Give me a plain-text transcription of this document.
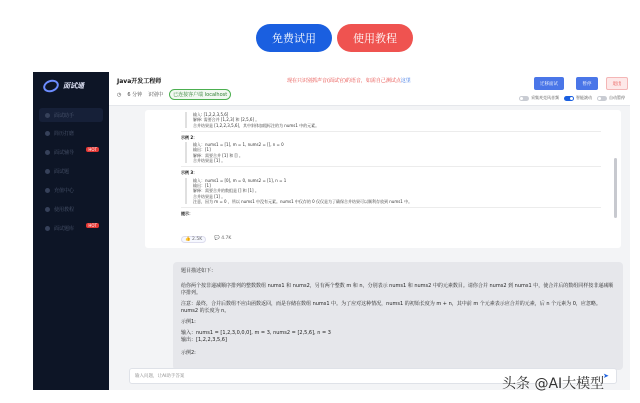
免费试用	使用教程
面试通
面试助手
简历打磨
面试辅导	HOT
面试题
充值中心
使用教程
面试题库	HOT
Java开发工程师
◷ 6 分钟 识别中	已连接客户端 localhost
现在只识别抓声音(面试官)的语音，如需自己测试点这里	迁移面试	暂停	退出
采集麦克风音频	智能滚动	自动暂停
输入: [1,2,2,3,5,6]
解释: 需要合并 [1,2,3] 和 [2,5,6] 。
合并结果是 [1,2,2,3,5,6]，其中斜体加粗标注的为 nums1 中的元素。
示例 2：
输入：nums1 = [1], m = 1, nums2 = [], n = 0
输出：[1]
解释：需要合并 [1] 和 [] 。
合并结果是 [1] 。
示例 3：
输入：nums1 = [0], m = 0, nums2 = [1], n = 1
输出：[1]
解释：需要合并的数组是 [] 和 [1] 。
合并结果是 [1] 。
注意，因为 m = 0 ，所以 nums1 中没有元素。nums1 中仅存的 0 仅仅是为了确保合并结果可以顺利存放到 nums1 中。
提示：
👍 2.5K	💬 4.7K

题目描述如下：

给你两个按非递减顺序排列的整数数组 nums1 和 nums2，另有两个整数 m 和 n，分别表示 nums1 和 nums2 中的元素数目。请你合并 nums2 到 nums1 中，使合并后的数组同样按非递减顺序排列。

注意：最终，合并后数组不应由函数返回，而是存储在数组 nums1 中。为了应对这种情况，nums1 的初始长度为 m + n，其中前 m 个元素表示应合并的元素，后 n 个元素为 0，应忽略。nums2 的长度为 n。

示例1:

输入：nums1 = [1,2,3,0,0,0], m = 3, nums2 = [2,5,6], n = 3
输出：[1,2,2,3,5,6]

示例2:

输入问题，让AI助手答案	➤
头条 @AI大模型
